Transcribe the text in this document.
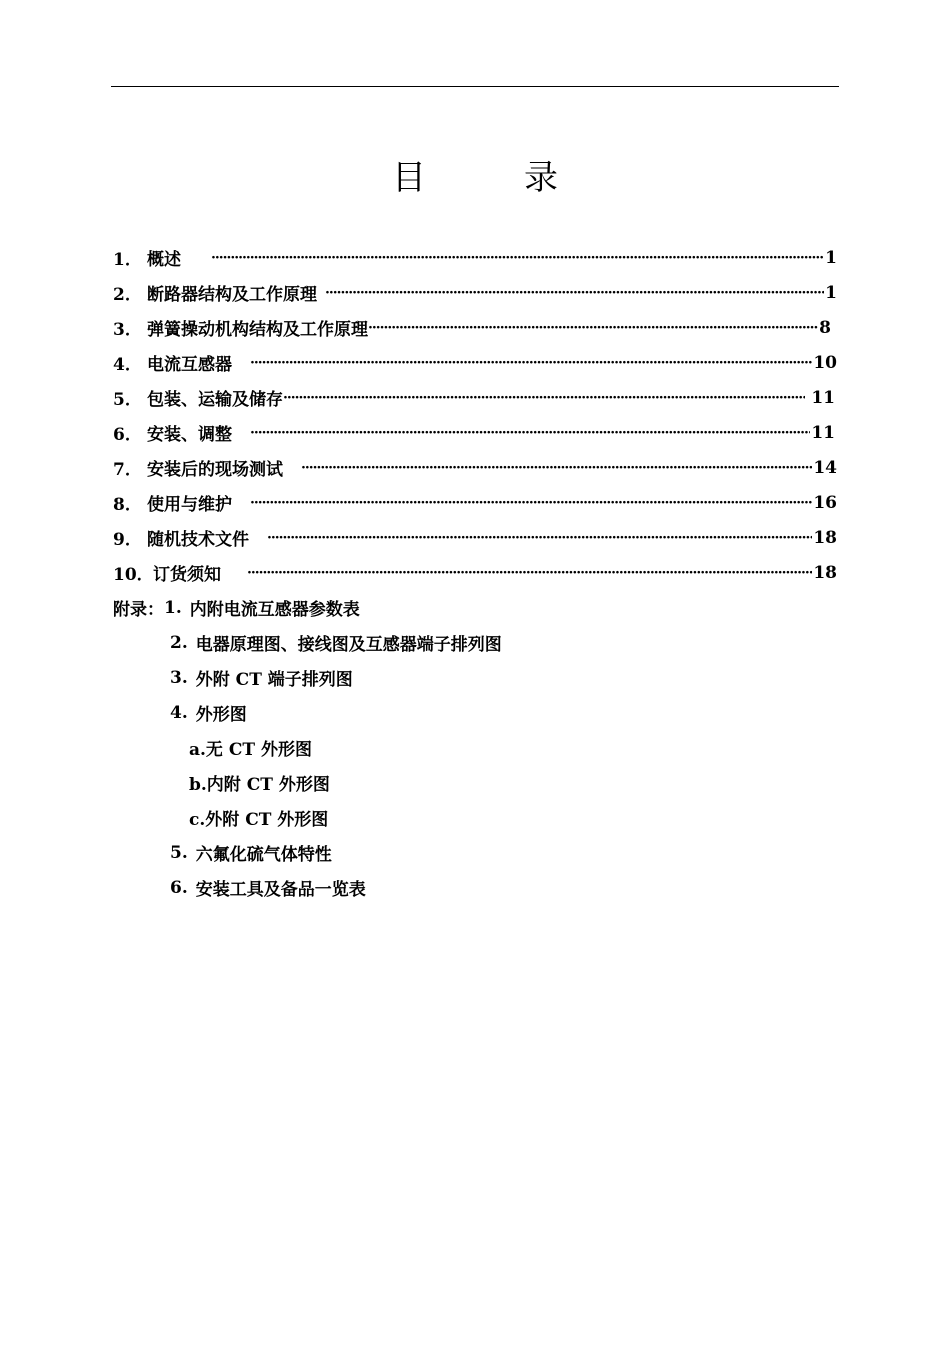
目　录
1． 概述 ·····	1
2． 断路器结构及工作原理 ·····	1
3． 弹簧操动机构结构及工作原理 ·····	8
4． 电流互感器 ·····	10
5． 包装、运输及储存 ·····	11
6． 安装、调整 ·····	11
7． 安装后的现场测试 ·····	14
8． 使用与维护 ·····	16
9． 随机技术文件 ·····	18
10． 订货须知 ·····	18
附录： 1. 内附电流互感器参数表
2. 电器原理图、接线图及互感器端子排列图
3. 外附 CT 端子排列图
4. 外形图
a.无 CT 外形图
b.内附 CT 外形图
c.外附 CT 外形图
5. 六氟化硫气体特性
6. 安装工具及备品一览表
